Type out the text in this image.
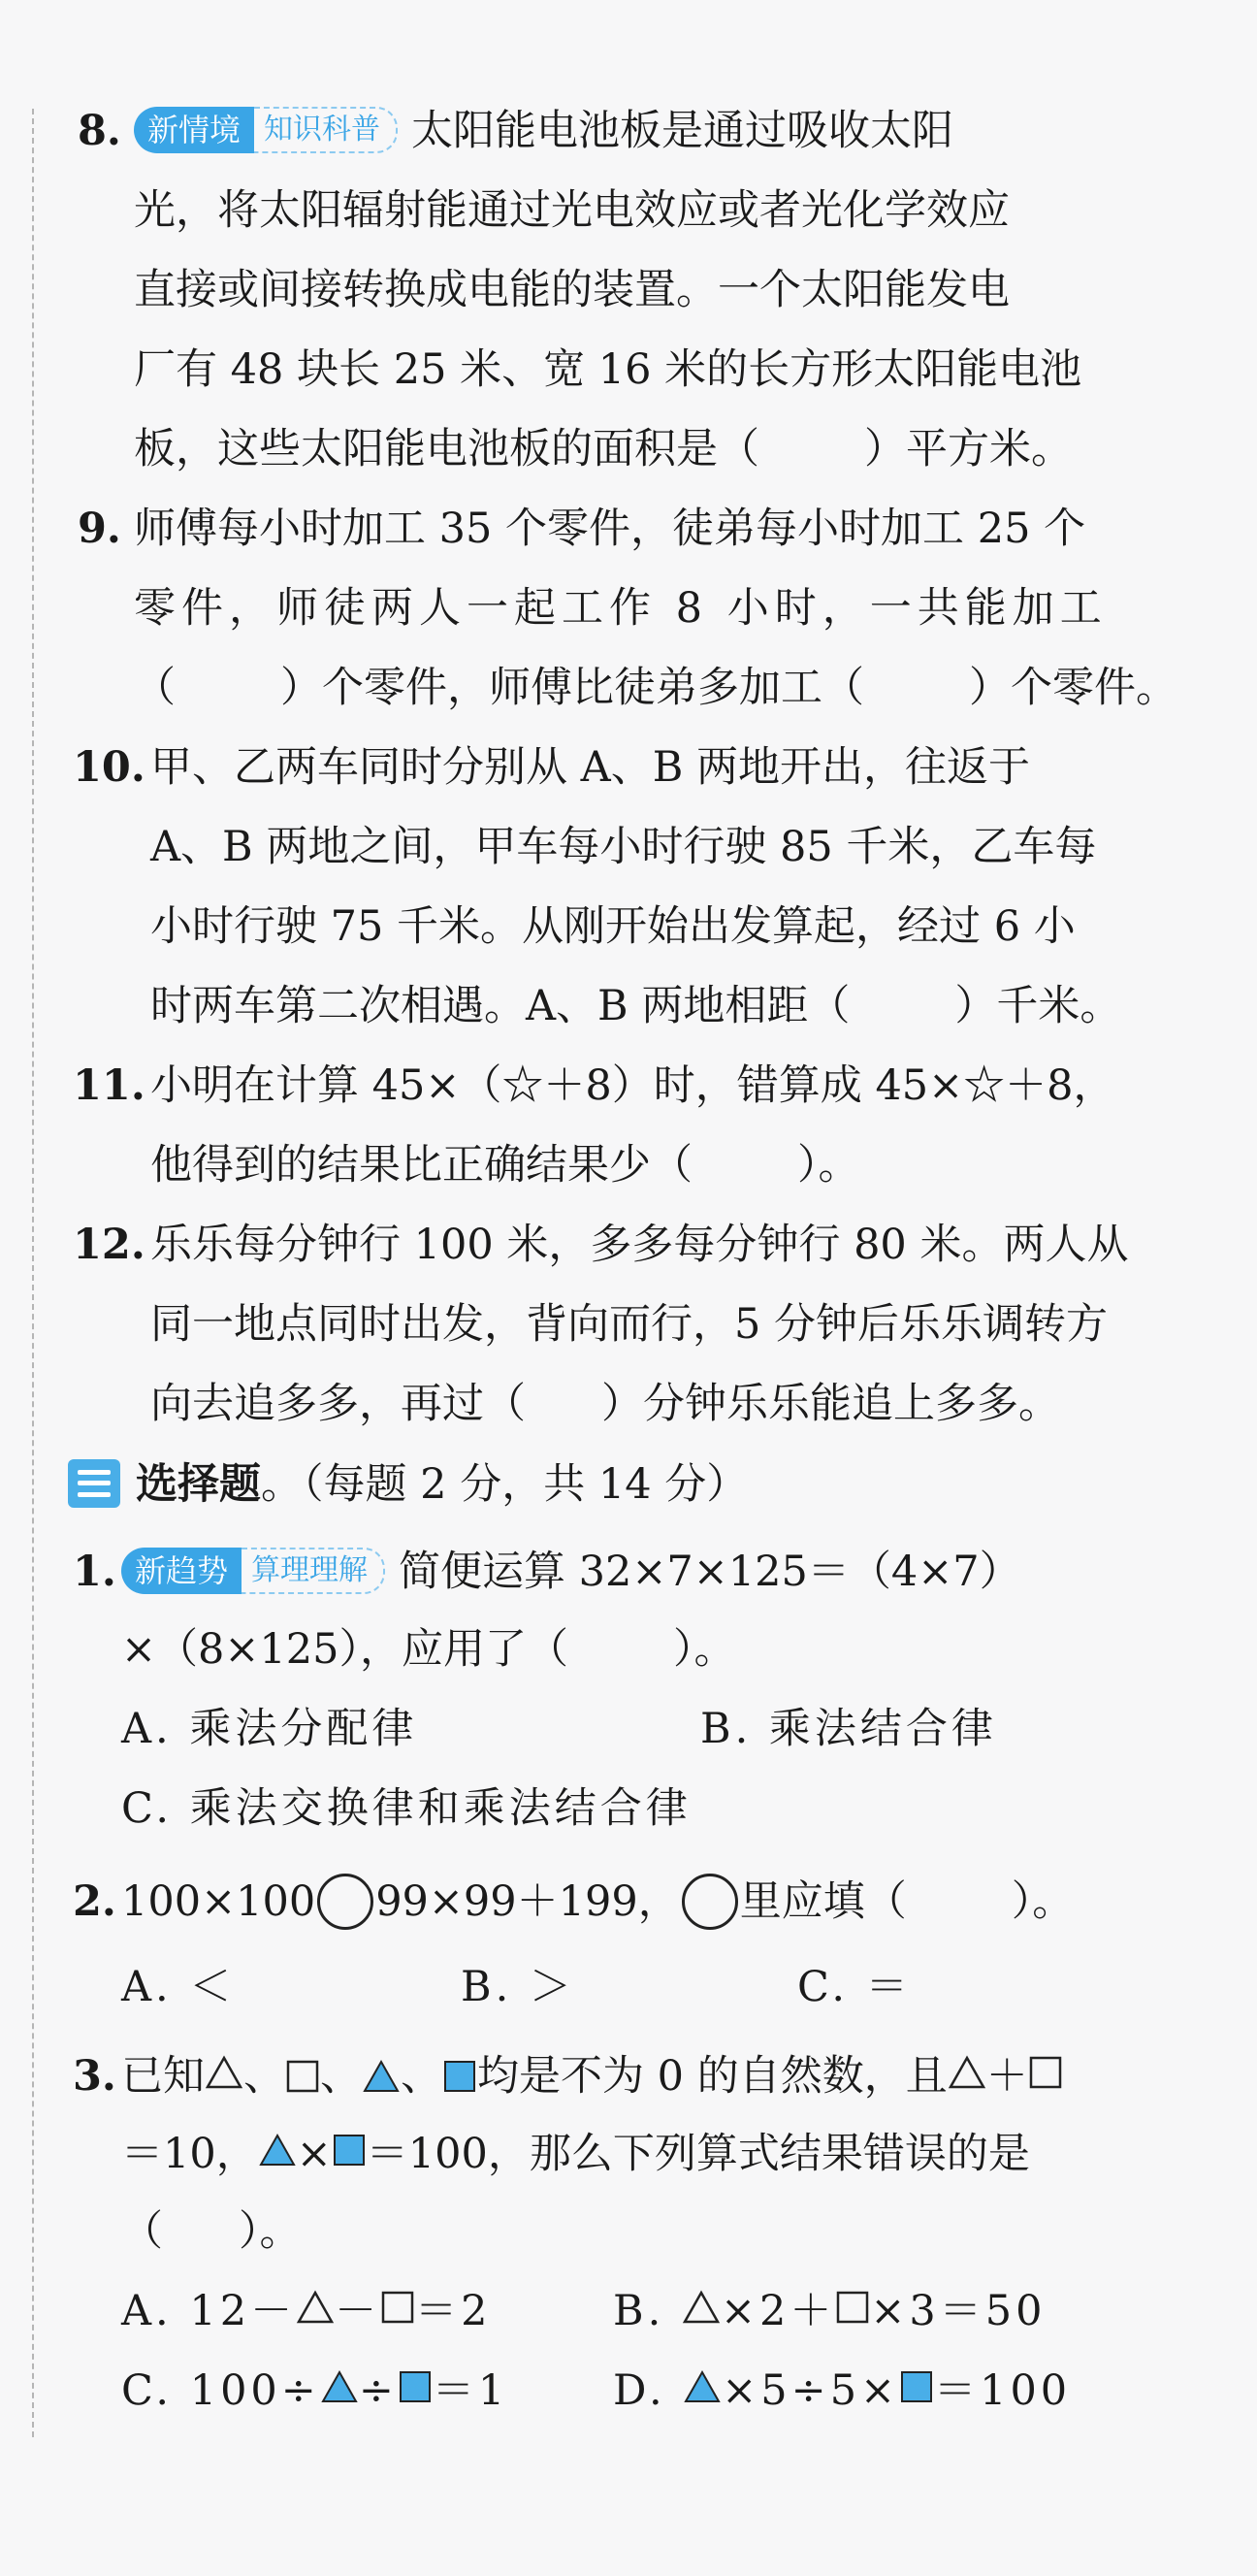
8. 新情境 知识科普 太阳能电池板是通过吸收太阳
光，将太阳辐射能通过光电效应或者光化学效应
直接或间接转换成电能的装置。一个太阳能发电
厂有 48 块长 25 米、宽 16 米的长方形太阳能电池
板，这些太阳能电池板的面积是（	）平方米。
9. 师傅每小时加工 35 个零件，徒弟每小时加工 25 个
零件，师徒两人一起工作 8 小时，一共能加工
（	）个零件，师傅比徒弟多加工（	）个零件。
10. 甲、乙两车同时分别从 A、B 两地开出，往返于
A、B 两地之间，甲车每小时行驶 85 千米，乙车每
小时行驶 75 千米。从刚开始出发算起，经过 6 小
时两车第二次相遇。A、B 两地相距（	）千米。
11. 小明在计算 45×（☆＋8）时，错算成 45×☆＋8，
他得到的结果比正确结果少（	）。
12. 乐乐每分钟行 100 米，多多每分钟行 80 米。两人从
同一地点同时出发，背向而行，5 分钟后乐乐调转方
向去追多多，再过（ ）分钟乐乐能追上多多。
选择题。（每题 2 分，共 14 分）
1. 新趋势 算理理解 简便运算 32×7×125＝（4×7）
×（8×125），应用了（	）。
A. 乘法分配律	B. 乘法结合律
C. 乘法交换律和乘法结合律
2. 100×100 99×99＋199， 里应填（	）。
A. ＜	B. ＞	C. ＝
3. 已知 、 、 、 均是不为 0 的自然数，且 ＋
＝10， × ＝100，那么下列算式结果错误的是
（ ）。
A. 12－ － ＝2	B. ×2＋ ×3＝50
C. 100÷ ÷ ＝1	D. ×5÷5× ＝100
